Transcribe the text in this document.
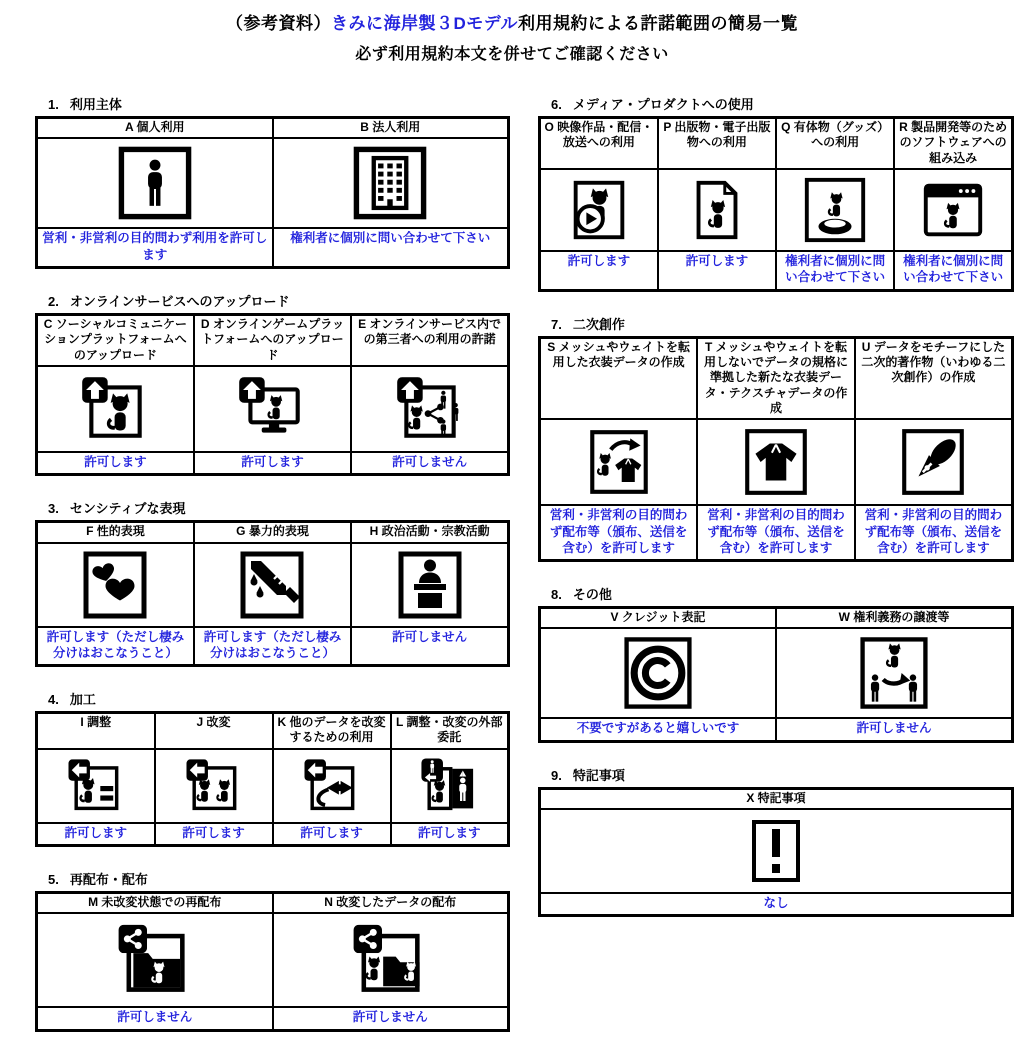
（参考資料）きみに海岸製３Dモデル利用規約による許諾範囲の簡易一覧
必ず利用規約本文を併せてご確認ください
1. 利用主体
A 個人利用	B 法人利用

営利・非営利の目的問わず利用を許可します	権利者に個別に問い合わせて下さい
2. オンラインサービスへのアップロード
C ソーシャルコミュニケーションプラットフォームへのアップロード	D オンラインゲームプラットフォームへのアップロード	E オンラインサービス内での第三者への利用の許諾

許可します	許可します	許可しません
3. センシティブな表現
F 性的表現	G 暴力的表現	H 政治活動・宗教活動

許可します（ただし棲み分けはおこなうこと）	許可します（ただし棲み分けはおこなうこと）	許可しません
4. 加工
I 調整	J 改変	K 他のデータを改変するための利用	L 調整・改変の外部委託

許可します	許可します	許可します	許可します
5. 再配布・配布
M 未改変状態での再配布	N 改変したデータの配布

許可しません	許可しません
6. メディア・プロダクトへの使用
O 映像作品・配信・放送への利用	P 出版物・電子出版物への利用	Q 有体物（グッズ）への利用	R 製品開発等のためのソフトウェアへの組み込み

許可します	許可します	権利者に個別に問い合わせて下さい	権利者に個別に問い合わせて下さい
7. 二次創作
S メッシュやウェイトを転用した衣装データの作成	T メッシュやウェイトを転用しないでデータの規格に準拠した新たな衣装データ・テクスチャデータの作成	U データをモチーフにした二次的著作物（いわゆる二次創作）の作成

営利・非営利の目的問わず配布等（頒布、送信を含む）を許可します	営利・非営利の目的問わず配布等（頒布、送信を含む）を許可します	営利・非営利の目的問わず配布等（頒布、送信を含む）を許可します
8. その他
V クレジット表記	W 権利義務の譲渡等

不要ですがあると嬉しいです	許可しません
9. 特記事項
X 特記事項

なし
